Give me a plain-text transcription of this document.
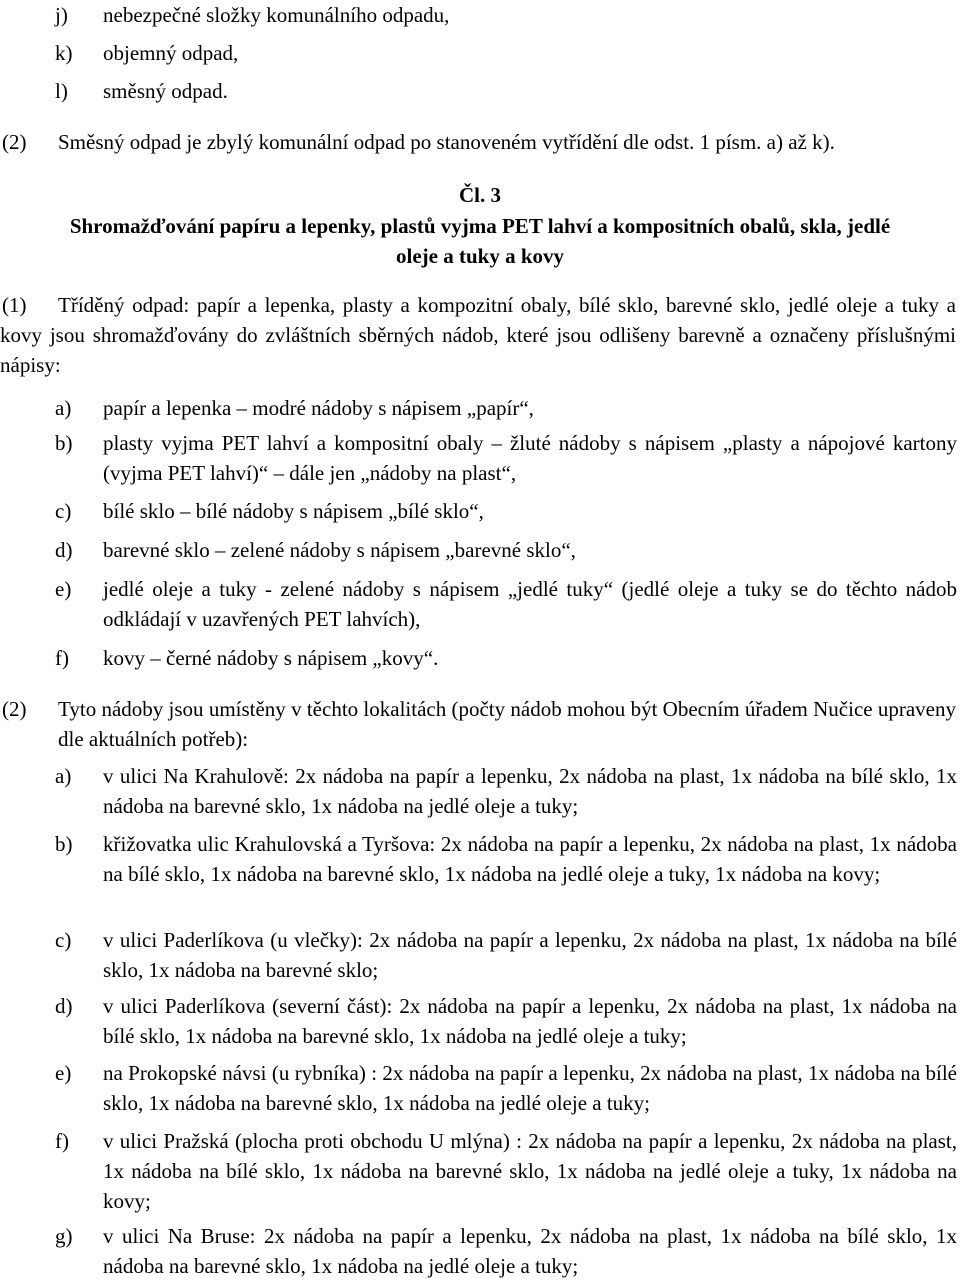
j) nebezpečné složky komunálního odpadu,
k) objemný odpad,
l) směsný odpad.
(2) Směsný odpad je zbylý komunální odpad po stanoveném vytřídění dle odst. 1 písm. a) až k).
Čl. 3
Shromažďování papíru a lepenky, plastů vyjma PET lahví a kompositních obalů, skla, jedlé
oleje a tuky a kovy
(1)	Tříděný odpad: papír a lepenka, plasty a kompozitní obaly, bílé sklo, barevné sklo, jedlé oleje a tuky a kovy jsou shromažďovány do zvláštních sběrných nádob, které jsou odlišeny barevně a označeny příslušnými nápisy:
a) papír a lepenka – modré nádoby s nápisem „papír“,
b) plasty vyjma PET lahví a kompositní obaly – žluté nádoby s nápisem „plasty a nápojové kartony (vyjma PET lahví)“ – dále jen „nádoby na plast“,
c) bílé sklo – bílé nádoby s nápisem „bílé sklo“,
d) barevné sklo – zelené nádoby s nápisem „barevné sklo“,
e) jedlé oleje a tuky - zelené nádoby s nápisem „jedlé tuky“ (jedlé oleje a tuky se do těchto nádob odkládají v uzavřených PET lahvích),
f) kovy – černé nádoby s nápisem „kovy“.
(2) Tyto nádoby jsou umístěny v těchto lokalitách (počty nádob mohou být Obecním úřadem Nučice upraveny dle aktuálních potřeb):
a) v ulici Na Krahulově: 2x nádoba na papír a lepenku, 2x nádoba na plast, 1x nádoba na bílé sklo, 1x nádoba na barevné sklo, 1x nádoba na jedlé oleje a tuky;
b) křižovatka ulic Krahulovská a Tyršova: 2x nádoba na papír a lepenku, 2x nádoba na plast, 1x nádoba na bílé sklo, 1x nádoba na barevné sklo, 1x nádoba na jedlé oleje a tuky, 1x nádoba na kovy;
c) v ulici Paderlíkova (u vlečky): 2x nádoba na papír a lepenku, 2x nádoba na plast, 1x nádoba na bílé sklo, 1x nádoba na barevné sklo;
d) v ulici Paderlíkova (severní část): 2x nádoba na papír a lepenku, 2x nádoba na plast, 1x nádoba na bílé sklo, 1x nádoba na barevné sklo, 1x nádoba na jedlé oleje a tuky;
e) na Prokopské návsi (u rybníka) : 2x nádoba na papír a lepenku, 2x nádoba na plast, 1x nádoba na bílé sklo, 1x nádoba na barevné sklo, 1x nádoba na jedlé oleje a tuky;
f) v ulici Pražská (plocha proti obchodu U mlýna) : 2x nádoba na papír a lepenku, 2x nádoba na plast, 1x nádoba na bílé sklo, 1x nádoba na barevné sklo, 1x nádoba na jedlé oleje a tuky, 1x nádoba na kovy;
g) v ulici Na Bruse: 2x nádoba na papír a lepenku, 2x nádoba na plast, 1x nádoba na bílé sklo, 1x nádoba na barevné sklo, 1x nádoba na jedlé oleje a tuky;
